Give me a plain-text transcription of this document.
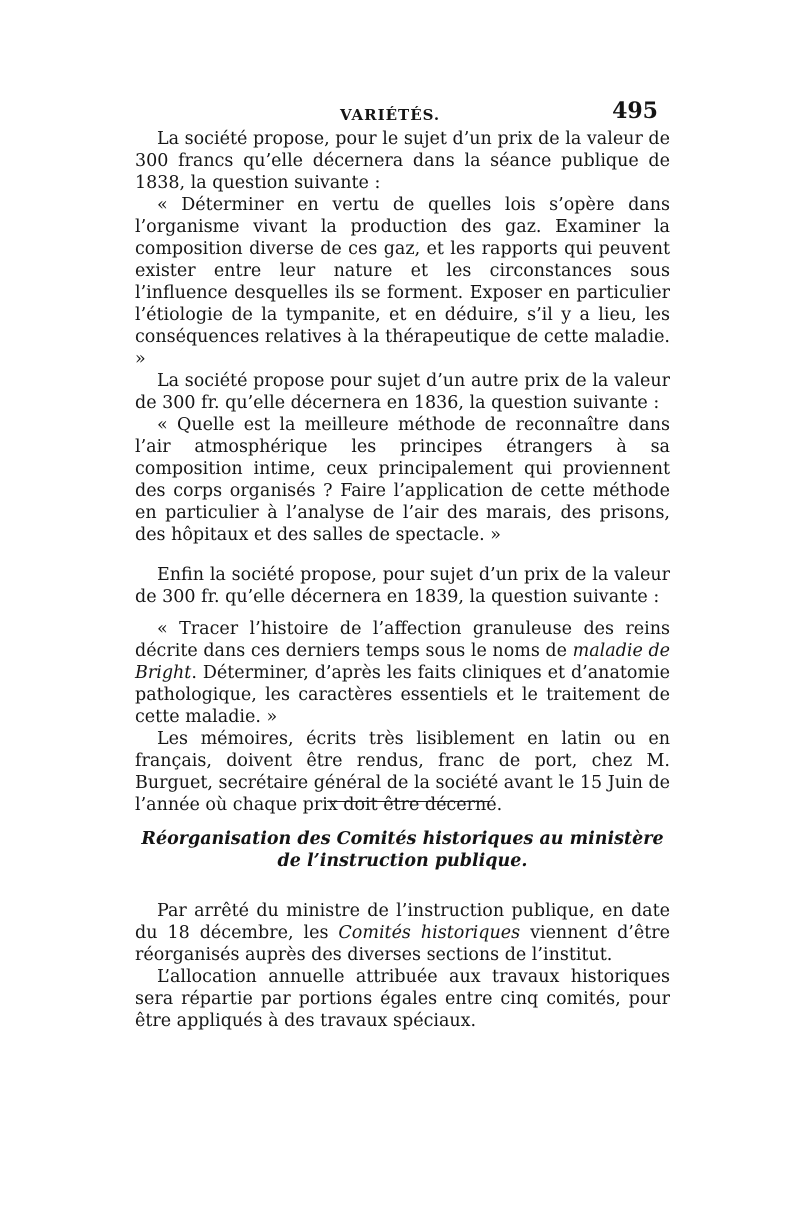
VARIÉTÉS.	495

La société propose, pour le sujet d’un prix de la valeur de 300 francs qu’elle décernera dans la séance publique de 1838, la question suivante :

« Déterminer en vertu de quelles lois s’opère dans l’organisme vivant la production des gaz. Examiner la composition diverse de ces gaz, et les rapports qui peuvent exister entre leur nature et les circonstances sous l’influence desquelles ils se forment. Exposer en particulier l’étiologie de la tympanite, et en déduire, s’il y a lieu, les conséquences relatives à la thérapeutique de cette maladie. »

La société propose pour sujet d’un autre prix de la valeur de 300 fr. qu’elle décernera en 1836, la question suivante :

« Quelle est la meilleure méthode de reconnaître dans l’air atmosphérique les principes étrangers à sa composition intime, ceux principalement qui proviennent des corps organisés ? Faire l’application de cette méthode en particulier à l’analyse de l’air des marais, des prisons, des hôpitaux et des salles de spectacle. »

Enfin la société propose, pour sujet d’un prix de la valeur de 300 fr. qu’elle décernera en 1839, la question suivante :

« Tracer l’histoire de l’affection granuleuse des reins décrite dans ces derniers temps sous le noms de maladie de Bright. Déterminer, d’après les faits cliniques et d’anatomie pathologique, les caractères essentiels et le traitement de cette maladie. »

Les mémoires, écrits très lisiblement en latin ou en français, doivent être rendus, franc de port, chez M. Burguet, secrétaire général de la société avant le 15 Juin de l’année où chaque prix doit être décerné.

Réorganisation des Comités historiques au ministère de l’instruction publique.

Par arrêté du ministre de l’instruction publique, en date du 18 décembre, les Comités historiques viennent d’être réorganisés auprès des diverses sections de l’institut.

L’allocation annuelle attribuée aux travaux historiques sera répartie par portions égales entre cinq comités, pour être appliqués à des travaux spéciaux.
